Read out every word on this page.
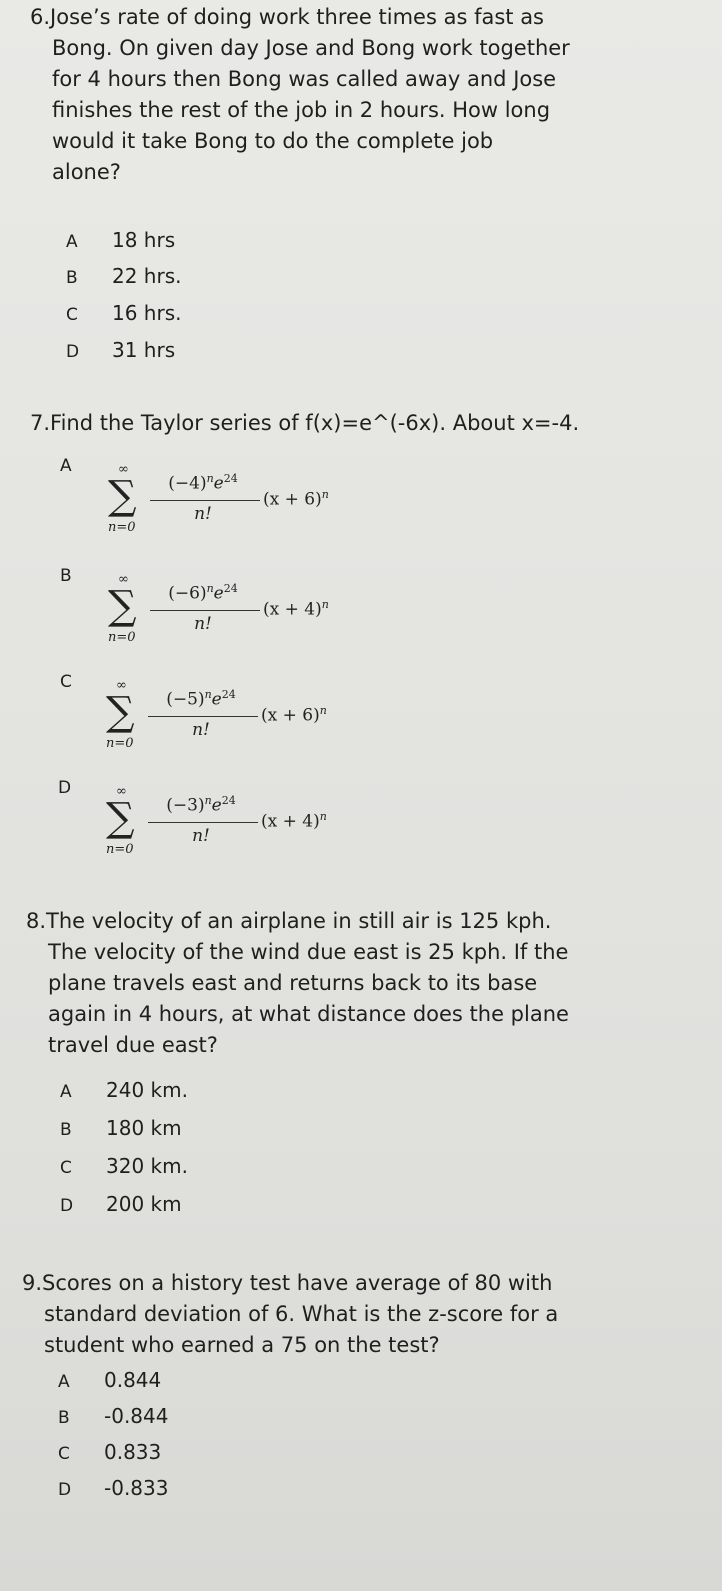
6.Jose’s rate of doing work three times as fast as
Bong. On given day Jose and Bong work together
for 4 hours then Bong was called away and Jose
finishes the rest of the job in 2 hours. How long
would it take Bong to do the complete job
alone?
A 18 hrs
B 22 hrs.
C 16 hrs.
D 31 hrs
7.Find the Taylor series of f(x)=e^(-6x). About x=-4.
A	∞
∑
n=0
$(-4)^ne^{24}$
n!
$(x + 6)^n$
B	∞
∑
n=0
$(-6)^ne^{24}$
n!
$(x + 4)^n$
C	∞
∑
n=0
$(-5)^ne^{24}$
n!
$(x + 6)^n$
D	∞
∑
n=0
$(-3)^ne^{24}$
n!
$(x + 4)^n$
8.The velocity of an airplane in still air is 125 kph.
The velocity of the wind due east is 25 kph. If the
plane travels east and returns back to its base
again in 4 hours, at what distance does the plane
travel due east?
A 240 km.
B 180 km
C 320 km.
D 200 km
9.Scores on a history test have average of 80 with
standard deviation of 6. What is the z-score for a
student who earned a 75 on the test?
A 0.844
B -0.844
C 0.833
D -0.833
